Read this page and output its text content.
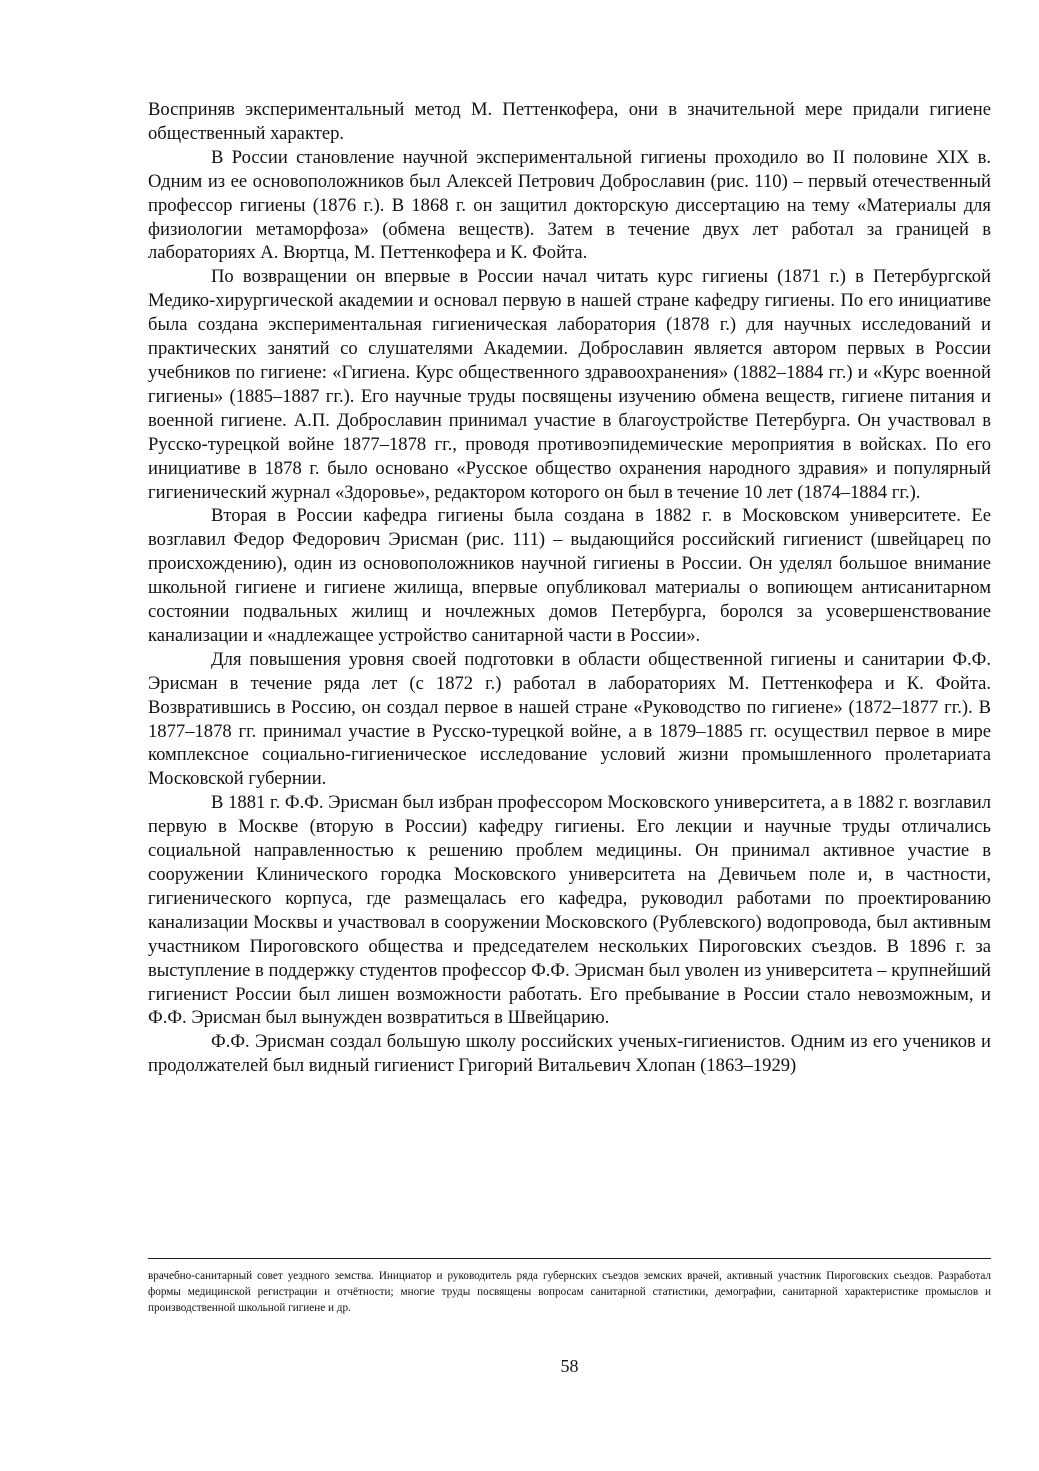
Восприняв экспериментальный метод М. Петтенкофера, они в значительной мере придали гигиене общественный характер.

В России становление научной экспериментальной гигиены проходило во II половине XIX в. Одним из ее основоположников был Алексей Петрович Доброславин (рис. 110) – первый отечественный профессор гигиены (1876 г.). В 1868 г. он защитил докторскую диссертацию на тему «Материалы для физиологии метаморфоза» (обмена веществ). Затем в течение двух лет работал за границей в лабораториях А. Вюртца, М. Петтенкофера и К. Фойта.

По возвращении он впервые в России начал читать курс гигиены (1871 г.) в Петербургской Медико-хирургической академии и основал первую в нашей стране кафедру гигиены. По его инициативе была создана экспериментальная гигиеническая лаборатория (1878 г.) для научных исследований и практических занятий со слушателями Академии. Доброславин является автором первых в России учебников по гигиене: «Гигиена. Курс общественного здравоохранения» (1882–1884 гг.) и «Курс военной гигиены» (1885–1887 гг.). Его научные труды посвящены изучению обмена веществ, гигиене питания и военной гигиене. А.П. Доброславин принимал участие в благоустройстве Петербурга. Он участвовал в Русско-турецкой войне 1877–1878 гг., проводя противоэпидемические мероприятия в войсках. По его инициативе в 1878 г. было основано «Русское общество охранения народного здравия» и популярный гигиенический журнал «Здоровье», редактором которого он был в течение 10 лет (1874–1884 гг.).

Вторая в России кафедра гигиены была создана в 1882 г. в Московском университете. Ее возглавил Федор Федорович Эрисман (рис. 111) – выдающийся российский гигиенист (швейцарец по происхождению), один из основоположников научной гигиены в России. Он уделял большое внимание школьной гигиене и гигиене жилища, впервые опубликовал материалы о вопиющем антисанитарном состоянии подвальных жилищ и ночлежных домов Петербурга, боролся за усовершенствование канализации и «надлежащее устройство санитарной части в России».

Для повышения уровня своей подготовки в области общественной гигиены и санитарии Ф.Ф. Эрисман в течение ряда лет (с 1872 г.) работал в лабораториях М. Петтенкофера и К. Фойта. Возвратившись в Россию, он создал первое в нашей стране «Руководство по гигиене» (1872–1877 гг.). В 1877–1878 гг. принимал участие в Русско-турецкой войне, а в 1879–1885 гг. осуществил первое в мире комплексное социально-гигиеническое исследование условий жизни промышленного пролетариата Московской губернии.

В 1881 г. Ф.Ф. Эрисман был избран профессором Московского университета, а в 1882 г. возглавил первую в Москве (вторую в России) кафедру гигиены. Его лекции и научные труды отличались социальной направленностью к решению проблем медицины. Он принимал активное участие в сооружении Клинического городка Московского университета на Девичьем поле и, в частности, гигиенического корпуса, где размещалась его кафедра, руководил работами по проектированию канализации Москвы и участвовал в сооружении Московского (Рублевского) водопровода, был активным участником Пироговского общества и председателем нескольких Пироговских съездов. В 1896 г. за выступление в поддержку студентов профессор Ф.Ф. Эрисман был уволен из университета – крупнейший гигиенист России был лишен возможности работать. Его пребывание в России стало невозможным, и Ф.Ф. Эрисман был вынужден возвратиться в Швейцарию.

Ф.Ф. Эрисман создал большую школу российских ученых-гигиенистов. Одним из его учеников и продолжателей был видный гигиенист Григорий Витальевич Хлопан (1863–1929)

врачебно-санитарный совет уездного земства. Инициатор и руководитель ряда губернских съездов земских врачей, активный участник Пироговских съездов. Разработал формы медицинской регистрации и отчётности; многие труды посвящены вопросам санитарной статистики, демографии, санитарной характеристике промыслов и производственной школьной гигиене и др.

58
